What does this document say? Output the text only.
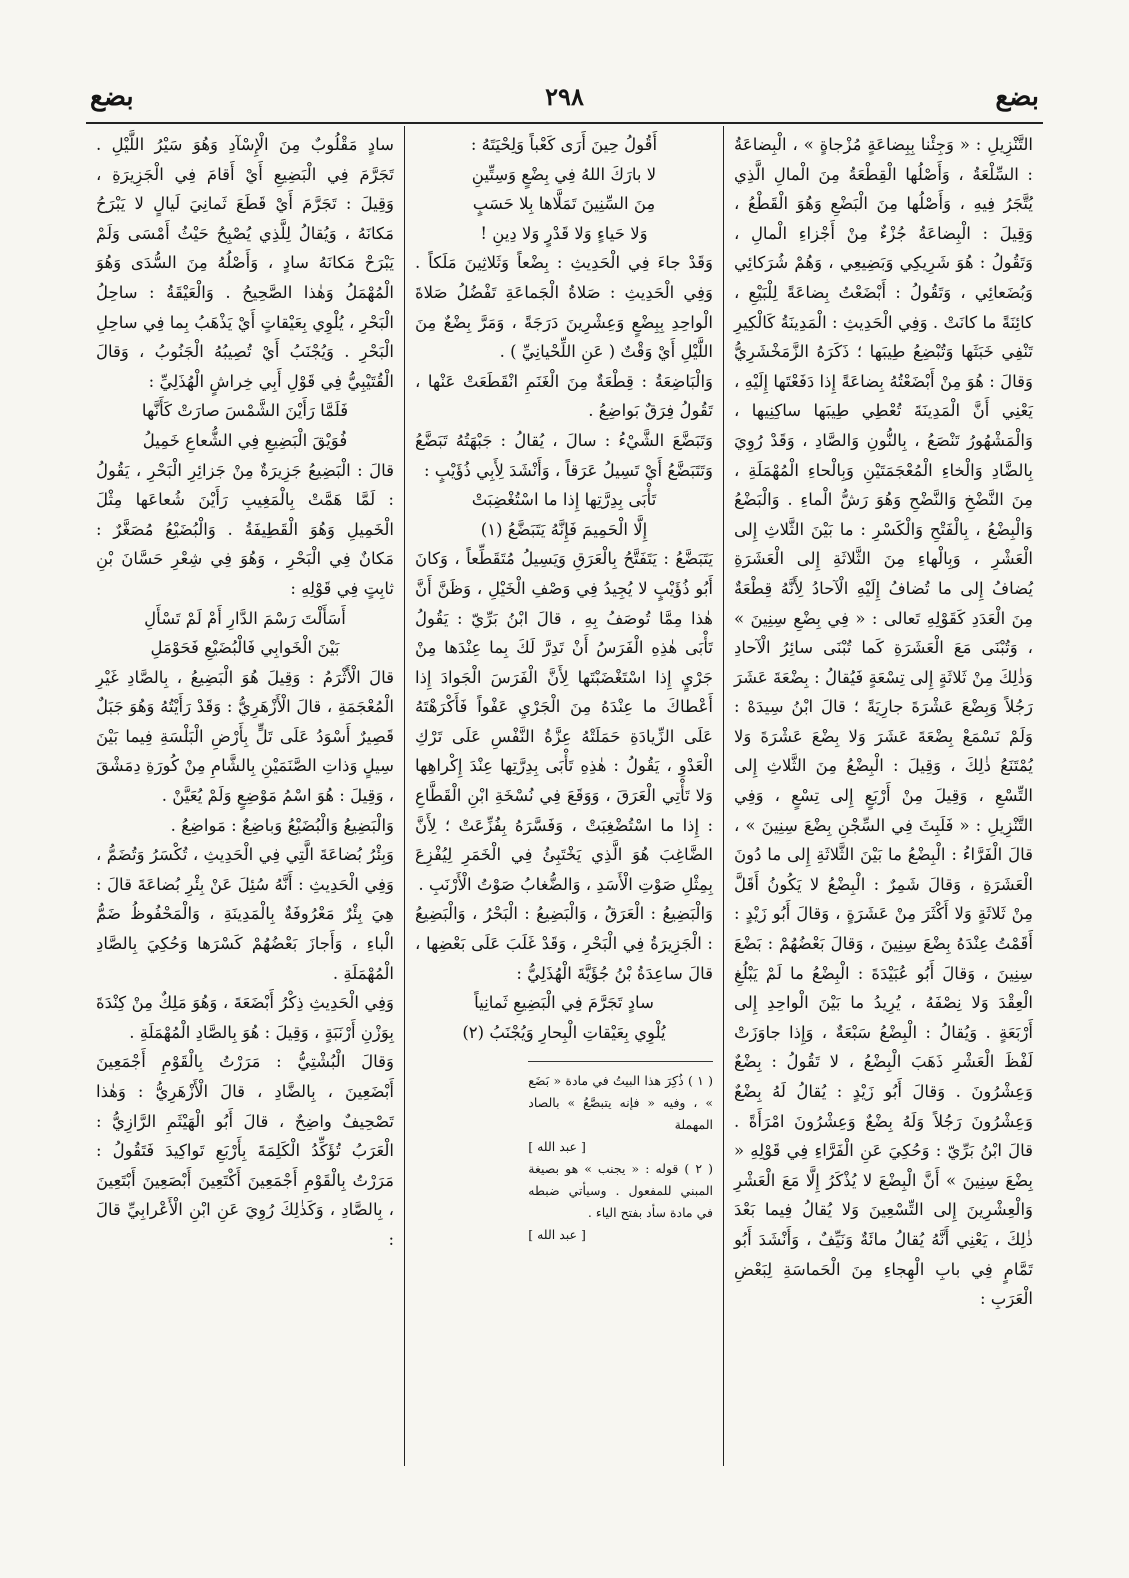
بضع
٢٩٨
بضع

التَّنْزِيلِ : « وَجِئْنا بِبِضاعَةٍ مُزْجاةٍ » ، الْبِضاعَةُ : السِّلْعَةُ ، وَأَصْلُها الْقِطْعَةُ مِنَ الْمالِ الَّذِي يُتَّجَرُ فِيهِ ، وَأَصْلُها مِنَ الْبَضْعِ وَهُوَ الْقَطْعُ ، وَقِيلَ : الْبِضاعَةُ جُزْءٌ مِنْ أَجْزاءِ الْمالِ ، وَتَقُولُ : هُوَ شَرِيكِي وَبَضِيعِي ، وَهُمْ شُرَكائِي وَبُضَعائِي ، وَتَقُولُ : أَبْضَعْتُ بِضاعَةً لِلْبَيْعِ ، كائِنَةً ما كانَتْ . وَفِي الْحَدِيثِ : الْمَدِينَةُ كَالْكِيرِ تَنْفِي خَبَثَها وَتُبْضِعُ طِيبَها ؛ ذَكَرَهُ الزَّمَخْشَرِيُّ وَقالَ : هُوَ مِنْ أَبْضَعْتُهُ بِضاعَةً إِذا دَفَعْتَها إِلَيْهِ ، يَعْنِي أَنَّ الْمَدِينَةَ تُعْطِي طِيبَها ساكِنِيها ، وَالْمَشْهُورُ تَنْصَعُ ، بِالنُّونِ وَالصَّادِ ، وَقَدْ رُوِيَ بِالضَّادِ وَالْخاءِ الْمُعْجَمَتَيْنِ وَبِالْحاءِ الْمُهْمَلَةِ ، مِنَ النَّضْخِ وَالنَّضْحِ وَهُوَ رَشُّ الْماءِ . وَالْبَضْعُ وَالْبِضْعُ ، بِالْفَتْحِ وَالْكَسْرِ : ما بَيْنَ الثَّلاثِ إِلى الْعَشْرِ ، وَبِالْهاءِ مِنَ الثَّلاثَةِ إِلى الْعَشَرَةِ يُضافُ إِلى ما تُضافُ إِلَيْهِ الْآحادُ لِأَنَّهُ قِطْعَةٌ مِنَ الْعَدَدِ كَقَوْلِهِ تَعالى : « فِي بِضْعِ سِنِينَ » ، وَتُبْنَى مَعَ الْعَشَرَةِ كَما تُبْنَى سائِرُ الْآحادِ وَذٰلِكَ مِنْ ثَلاثَةٍ إِلى تِسْعَةٍ فَيُقالُ : بِضْعَةَ عَشَرَ رَجُلاً وَبِضْعَ عَشْرَةَ جارِيَةً ؛ قالَ ابْنُ سِيدَهْ : وَلَمْ نَسْمَعْ بِضْعَةَ عَشَرَ وَلا بِضْعَ عَشْرَةَ وَلا يُمْتَنَعُ ذٰلِكَ ، وَقِيلَ : الْبِضْعُ مِنَ الثَّلاثِ إِلى التِّسْعِ ، وَقِيلَ مِنْ أَرْبَعٍ إِلى تِسْعٍ ، وَفِي التَّنْزِيلِ : « فَلَبِثَ فِي السِّجْنِ بِضْعَ سِنِينَ » ، قالَ الْفَرَّاءُ : الْبِضْعُ ما بَيْنَ الثَّلاثَةِ إِلى ما دُونَ الْعَشَرَةِ ، وَقالَ شَمِرٌ : الْبِضْعُ لا يَكُونُ أَقَلَّ مِنْ ثَلاثَةٍ وَلا أَكْثَرَ مِنْ عَشَرَةٍ ، وَقالَ أَبُو زَيْدٍ : أَقَمْتُ عِنْدَهُ بِضْعَ سِنِينَ ، وَقالَ بَعْضُهُمْ : بَضْعَ سِنِينَ ، وَقالَ أَبُو عُبَيْدَةَ : الْبِضْعُ ما لَمْ يَبْلُغِ الْعِقْدَ وَلا نِصْفَهُ ، يُرِيدُ ما بَيْنَ الْواحِدِ إِلى أَرْبَعَةٍ . وَيُقالُ : الْبِضْعُ سَبْعَةٌ ، وَإِذا جاوَزَتْ لَفْظَ الْعَشْرِ ذَهَبَ الْبِضْعُ ، لا تَقُولُ : بِضْعٌ وَعِشْرُونَ . وَقالَ أَبُو زَيْدٍ : يُقالُ لَهُ بِضْعٌ وَعِشْرُونَ رَجُلاً وَلَهُ بِضْعٌ وَعِشْرُونَ امْرَأَةً . قالَ ابْنُ بَرِّيّ : وَحُكِيَ عَنِ الْفَرَّاءِ فِي قَوْلِهِ « بِضْعَ سِنِينَ » أَنَّ الْبِضْعَ لا يُذْكَرُ إِلَّا مَعَ الْعَشْرِ وَالْعِشْرِينَ إِلى التِّسْعِينَ وَلا يُقالُ فِيما بَعْدَ ذٰلِكَ ، يَعْنِي أَنَّهُ يُقالُ مائَةٌ وَنَيِّفٌ ، وَأَنْشَدَ أَبُو تَمَّامٍ فِي بابِ الْهِجاءِ مِنَ الْحَماسَةِ لِبَعْضِ الْعَرَبِ :

أَقُولُ حِينَ أَرَى كَعْباً وَلِحْيَتَهُ :

لا بارَكَ اللهُ فِي بِضْعٍ وَسِتِّينِ

مِنَ السِّنِينَ تَمَلَّاها بِلا حَسَبٍ

وَلا حَياءٍ وَلا قَدْرٍ وَلا دِينِ !

وَقَدْ جاءَ فِي الْحَدِيثِ : بِضْعاً وَثَلاثِينَ مَلَكاً . وَفِي الْحَدِيثِ : صَلاةُ الْجَماعَةِ تَفْضُلُ صَلاةَ الْواحِدِ بِبِضْعٍ وَعِشْرِينَ دَرَجَةً ، وَمَرَّ بِضْعٌ مِنَ اللَّيْلِ أَيْ وَقْتٌ ( عَنِ اللِّحْيانِيِّ ) .

وَالْبَاضِعَةُ : قِطْعَةٌ مِنَ الْغَنَمِ انْقَطَعَتْ عَنْها ، تَقُولُ فِرَقٌ بَواضِعُ .

وَتَبَضَّعَ الشَّيْءُ : سالَ ، يُقالُ : جَبْهَتُهُ تَبَضَّعُ وَتَتَبَضَّعُ أَيْ تَسِيلُ عَرَقاً ، وَأَنْشَدَ لِأَبِي ذُؤَيْبٍ :

تَأْبَى بِدِرَّتِها إِذا ما اسْتُغْضِبَتْ

إِلَّا الْحَمِيمَ فَإِنَّهُ يَتَبَضَّعُ (١)

يَتَبَضَّعُ : يَتَفَتَّحُ بِالْعَرَقِ وَيَسِيلُ مُتَقَطِّعاً ، وَكانَ أَبُو ذُؤَيْبٍ لا يُجِيدُ فِي وَصْفِ الْخَيْلِ ، وَظَنَّ أَنَّ هٰذا مِمَّا تُوصَفُ بِهِ ، قالَ ابْنُ بَرِّيّ : يَقُولُ تَأْبَى هٰذِهِ الْفَرَسُ أَنْ تَدِرَّ لَكَ بِما عِنْدَها مِنْ جَرْيٍ إِذا اسْتَغْضَبْتَها لِأَنَّ الْفَرَسَ الْجَوادَ إِذا أَعْطاكَ ما عِنْدَهُ مِنَ الْجَرْيِ عَفْواً فَأَكْرَهْتَهُ عَلَى الزِّيادَةِ حَمَلَتْهُ عِزَّةُ النَّفْسِ عَلَى تَرْكِ الْعَدْوِ ، يَقُولُ : هٰذِهِ تَأْبَى بِدِرَّتِها عِنْدَ إِكْراهِها وَلا تَأْتِي الْعَرَقَ ، وَوَقَعَ فِي نُسْخَةِ ابْنِ الْقَطَّاعِ : إِذا ما اسْتُضْغِبَتْ ، وَفَسَّرَهُ بِفُزِّعَتْ ؛ لِأَنَّ الضَّاغِبَ هُوَ الَّذِي يَخْتَبِئُ فِي الْخَمَرِ لِيُفْزِعَ بِمِثْلِ صَوْتِ الْأَسَدِ ، وَالضُّغابُ صَوْتُ الْأَرْنَبِ .

وَالْبَضِيعُ : الْعَرَقُ ، وَالْبَضِيعُ : الْبَحْرُ ، وَالْبَضِيعُ : الْجَزِيرَةُ فِي الْبَحْرِ ، وَقَدْ غَلَبَ عَلَى بَعْضِها ، قالَ ساعِدَةُ بْنُ جُؤَيَّةَ الْهُذَلِيُّ :

سادٍ تَجَرَّمَ فِي الْبَضِيعِ ثَمانِياً

يُلْوِي بِعَيْقاتِ الْبِحارِ وَيُجْنَبُ (٢)

( ١ ) ذُكِرَ هذا البيتُ في مادة « بَضَع » ، وفيه « فإنه يتبصَّعُ » بالصاد المهملة

[ عبد الله ]

( ٢ ) قوله : « يجنب » هو بصيغة المبني للمفعول . وسيأتي ضبطه في مادة سأد بفتح الياء .

[ عبد الله ]

سادٍ مَقْلُوبٌ مِنَ الْإِسْآدِ وَهُوَ سَيْرُ اللَّيْلِ . تَجَرَّمَ فِي الْبَضِيعِ أَيْ أَقامَ فِي الْجَزِيرَةِ ، وَقِيلَ : تَجَرَّمَ أَيْ قَطَعَ ثَمانِيَ لَيالٍ لا يَبْرَحُ مَكانَهُ ، وَيُقالُ لِلَّذِي يُصْبِحُ حَيْثُ أَمْسَى وَلَمْ يَبْرَحْ مَكانَهُ سادٍ ، وَأَصْلُهُ مِنَ السُّدَى وَهُوَ الْمُهْمَلُ وَهٰذا الصَّحِيحُ . وَالْعَيْقَةُ : ساحِلُ الْبَحْرِ ، يُلْوِي بِعَيْقاتٍ أَيْ يَذْهَبُ بِما فِي ساحِلِ الْبَحْرِ . وَيُجْنَبُ أَيْ تُصِيبُهُ الْجَنُوبُ ، وَقالَ الْقُتَيْبِيُّ فِي قَوْلِ أَبِي خِراشٍ الْهُذَلِيِّ :

فَلَمَّا رَأَيْنَ الشَّمْسَ صارَتْ كَأَنَّها

فُوَيْقَ الْبَضِيعِ فِي الشُّعاعِ خَمِيلُ

قالَ : الْبَضِيعُ جَزِيرَةٌ مِنْ جَزائِرِ الْبَحْرِ ، يَقُولُ : لَمَّا هَمَّتْ بِالْمَغِيبِ رَأَيْنَ شُعاعَها مِثْلَ الْخَمِيلِ وَهُوَ الْقَطِيفَةُ . وَالْبُضَيْعُ مُصَغَّرٌ : مَكانٌ فِي الْبَحْرِ ، وَهُوَ فِي شِعْرِ حَسَّانَ بْنِ ثابِتٍ فِي قَوْلِهِ :

أَسَأَلْتَ رَسْمَ الدَّارِ أَمْ لَمْ تَسْأَلِ

بَيْنَ الْخَوابِي فَالْبُضَيْعِ فَحَوْمَلِ

قالَ الْأَثْرَمُ : وَقِيلَ هُوَ الْبَضِيعُ ، بِالصَّادِ غَيْرِ الْمُعْجَمَةِ ، قالَ الْأَزْهَرِيُّ : وَقَدْ رَأَيْتُهُ وَهُوَ جَبَلٌ قَصِيرٌ أَسْوَدُ عَلَى تَلٍّ بِأَرْضِ الْبَلْسَةِ فِيما بَيْنَ سِيلٍ وَذاتِ الصَّنَمَيْنِ بِالشَّامِ مِنْ كُورَةِ دِمَشْقَ ، وَقِيلَ : هُوَ اسْمُ مَوْضِعٍ وَلَمْ يُعَيَّنْ .

وَالْبَضِيعُ وَالْبُضَيْعُ وَباضِعٌ : مَواضِعُ .

وَبِئْرُ بُضاعَةَ الَّتِي فِي الْحَدِيثِ ، تُكْسَرُ وَتُضَمُّ ، وَفِي الْحَدِيثِ : أَنَّهُ سُئِلَ عَنْ بِئْرِ بُضاعَةَ قالَ : هِيَ بِئْرٌ مَعْرُوفَةٌ بِالْمَدِينَةِ ، وَالْمَحْفُوظُ ضَمُّ الْباءِ ، وَأَجازَ بَعْضُهُمْ كَسْرَها وَحُكِيَ بِالصَّادِ الْمُهْمَلَةِ .

وَفِي الْحَدِيثِ ذِكْرُ أَبْضَعَةَ ، وَهُوَ مَلِكٌ مِنْ كِنْدَةَ بِوَزْنِ أَرْنَبَةٍ ، وَقِيلَ : هُوَ بِالصَّادِ الْمُهْمَلَةِ .

وَقالَ الْبُشْتِيُّ : مَرَرْتُ بِالْقَوْمِ أَجْمَعِينَ أَبْضَعِينَ ، بِالضَّادِ ، قالَ الْأَزْهَرِيُّ : وَهٰذا تَصْحِيفٌ واضِحٌ ، قالَ أَبُو الْهَيْثَمِ الرَّازِيُّ : الْعَرَبُ تُؤَكِّدُ الْكَلِمَةَ بِأَرْبَعِ تَواكِيدَ فَتَقُولُ : مَرَرْتُ بِالْقَوْمِ أَجْمَعِينَ أَكْتَعِينَ أَبْصَعِينَ أَبْتَعِينَ ، بِالصَّادِ ، وَكَذٰلِكَ رُوِيَ عَنِ ابْنِ الْأَعْرابِيِّ قالَ :
